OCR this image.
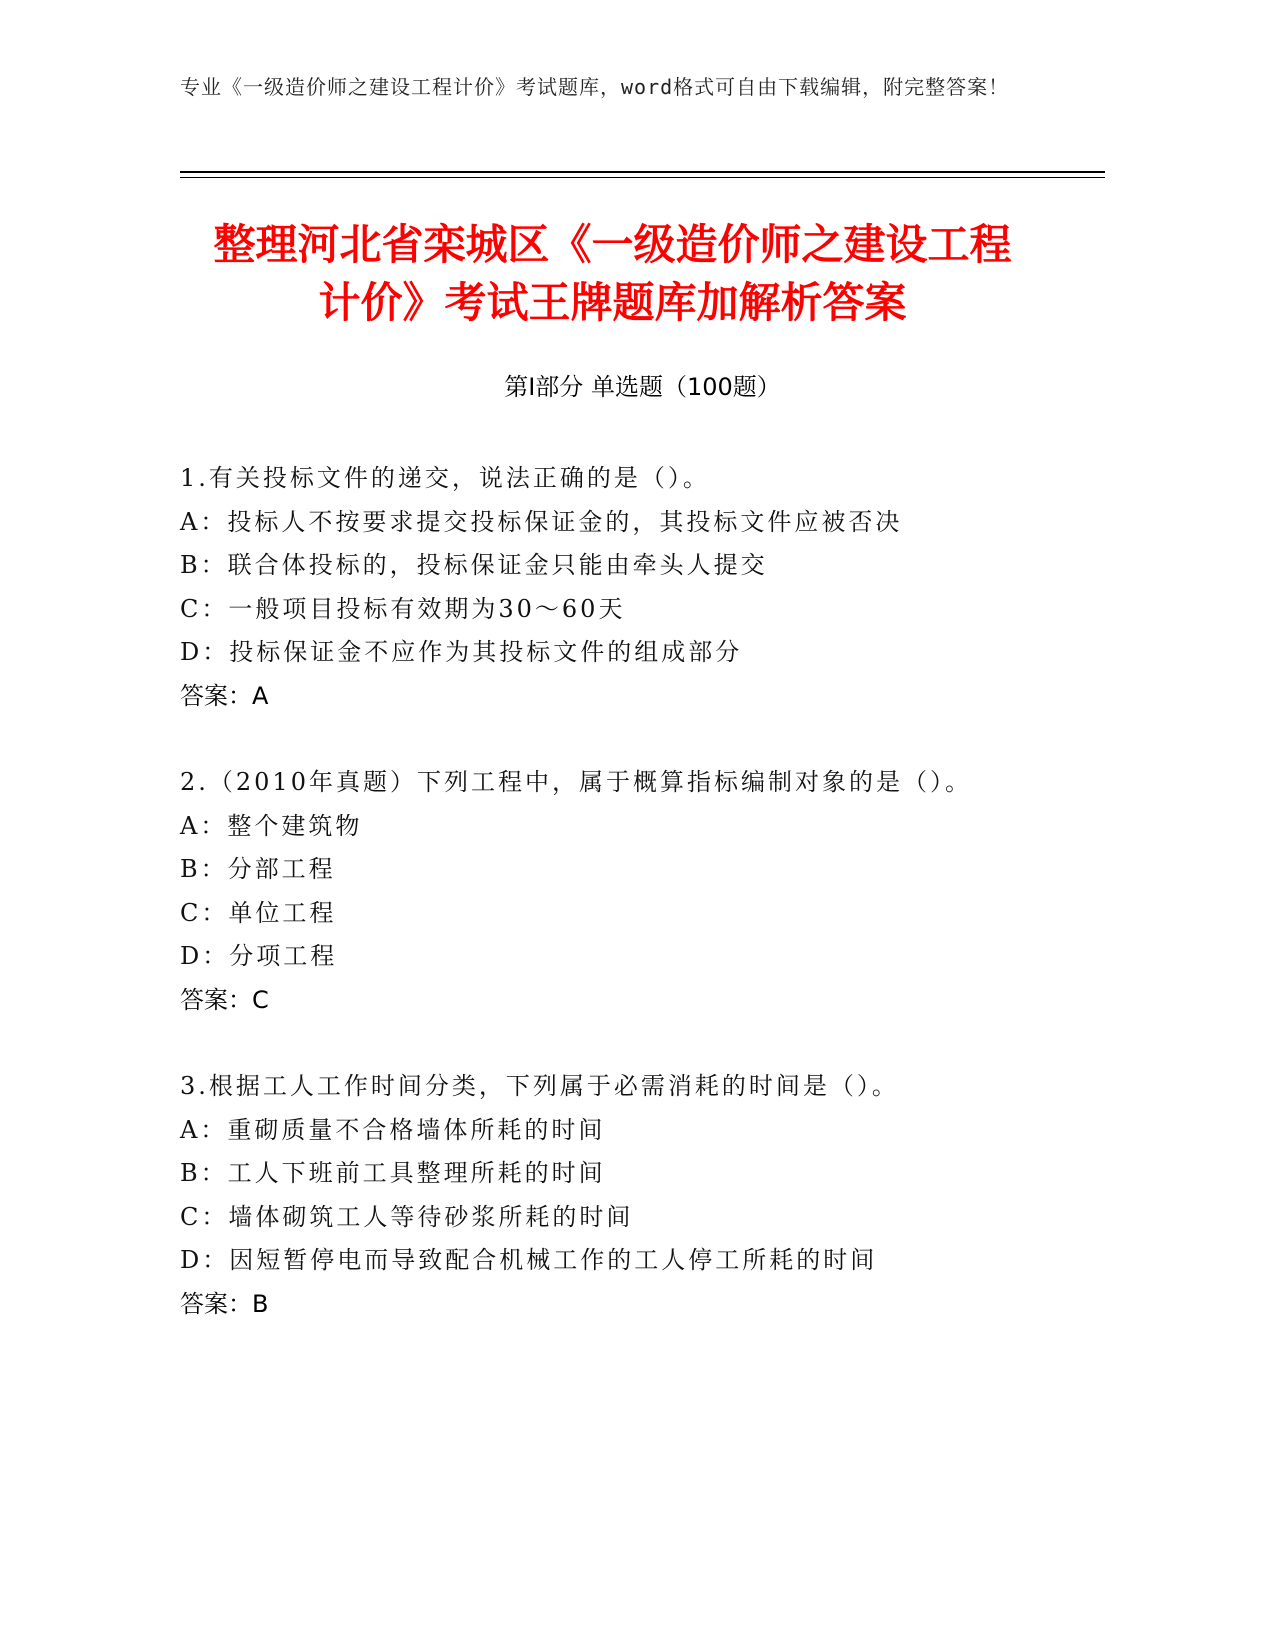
专业《一级造价师之建设工程计价》考试题库，word格式可自由下载编辑，附完整答案！
整理河北省栾城区《一级造价师之建设工程
计价》考试王牌题库加解析答案
第Ⅰ部分 单选题（100题）
1.有关投标文件的递交，说法正确的是（）。
A：投标人不按要求提交投标保证金的，其投标文件应被否决
B：联合体投标的，投标保证金只能由牵头人提交
C：一般项目投标有效期为30～60天
D：投标保证金不应作为其投标文件的组成部分
答案：A
2.（2010年真题）下列工程中，属于概算指标编制对象的是（）。
A：整个建筑物
B：分部工程
C：单位工程
D：分项工程
答案：C
3.根据工人工作时间分类，下列属于必需消耗的时间是（）。
A：重砌质量不合格墙体所耗的时间
B：工人下班前工具整理所耗的时间
C：墙体砌筑工人等待砂浆所耗的时间
D：因短暂停电而导致配合机械工作的工人停工所耗的时间
答案：B
